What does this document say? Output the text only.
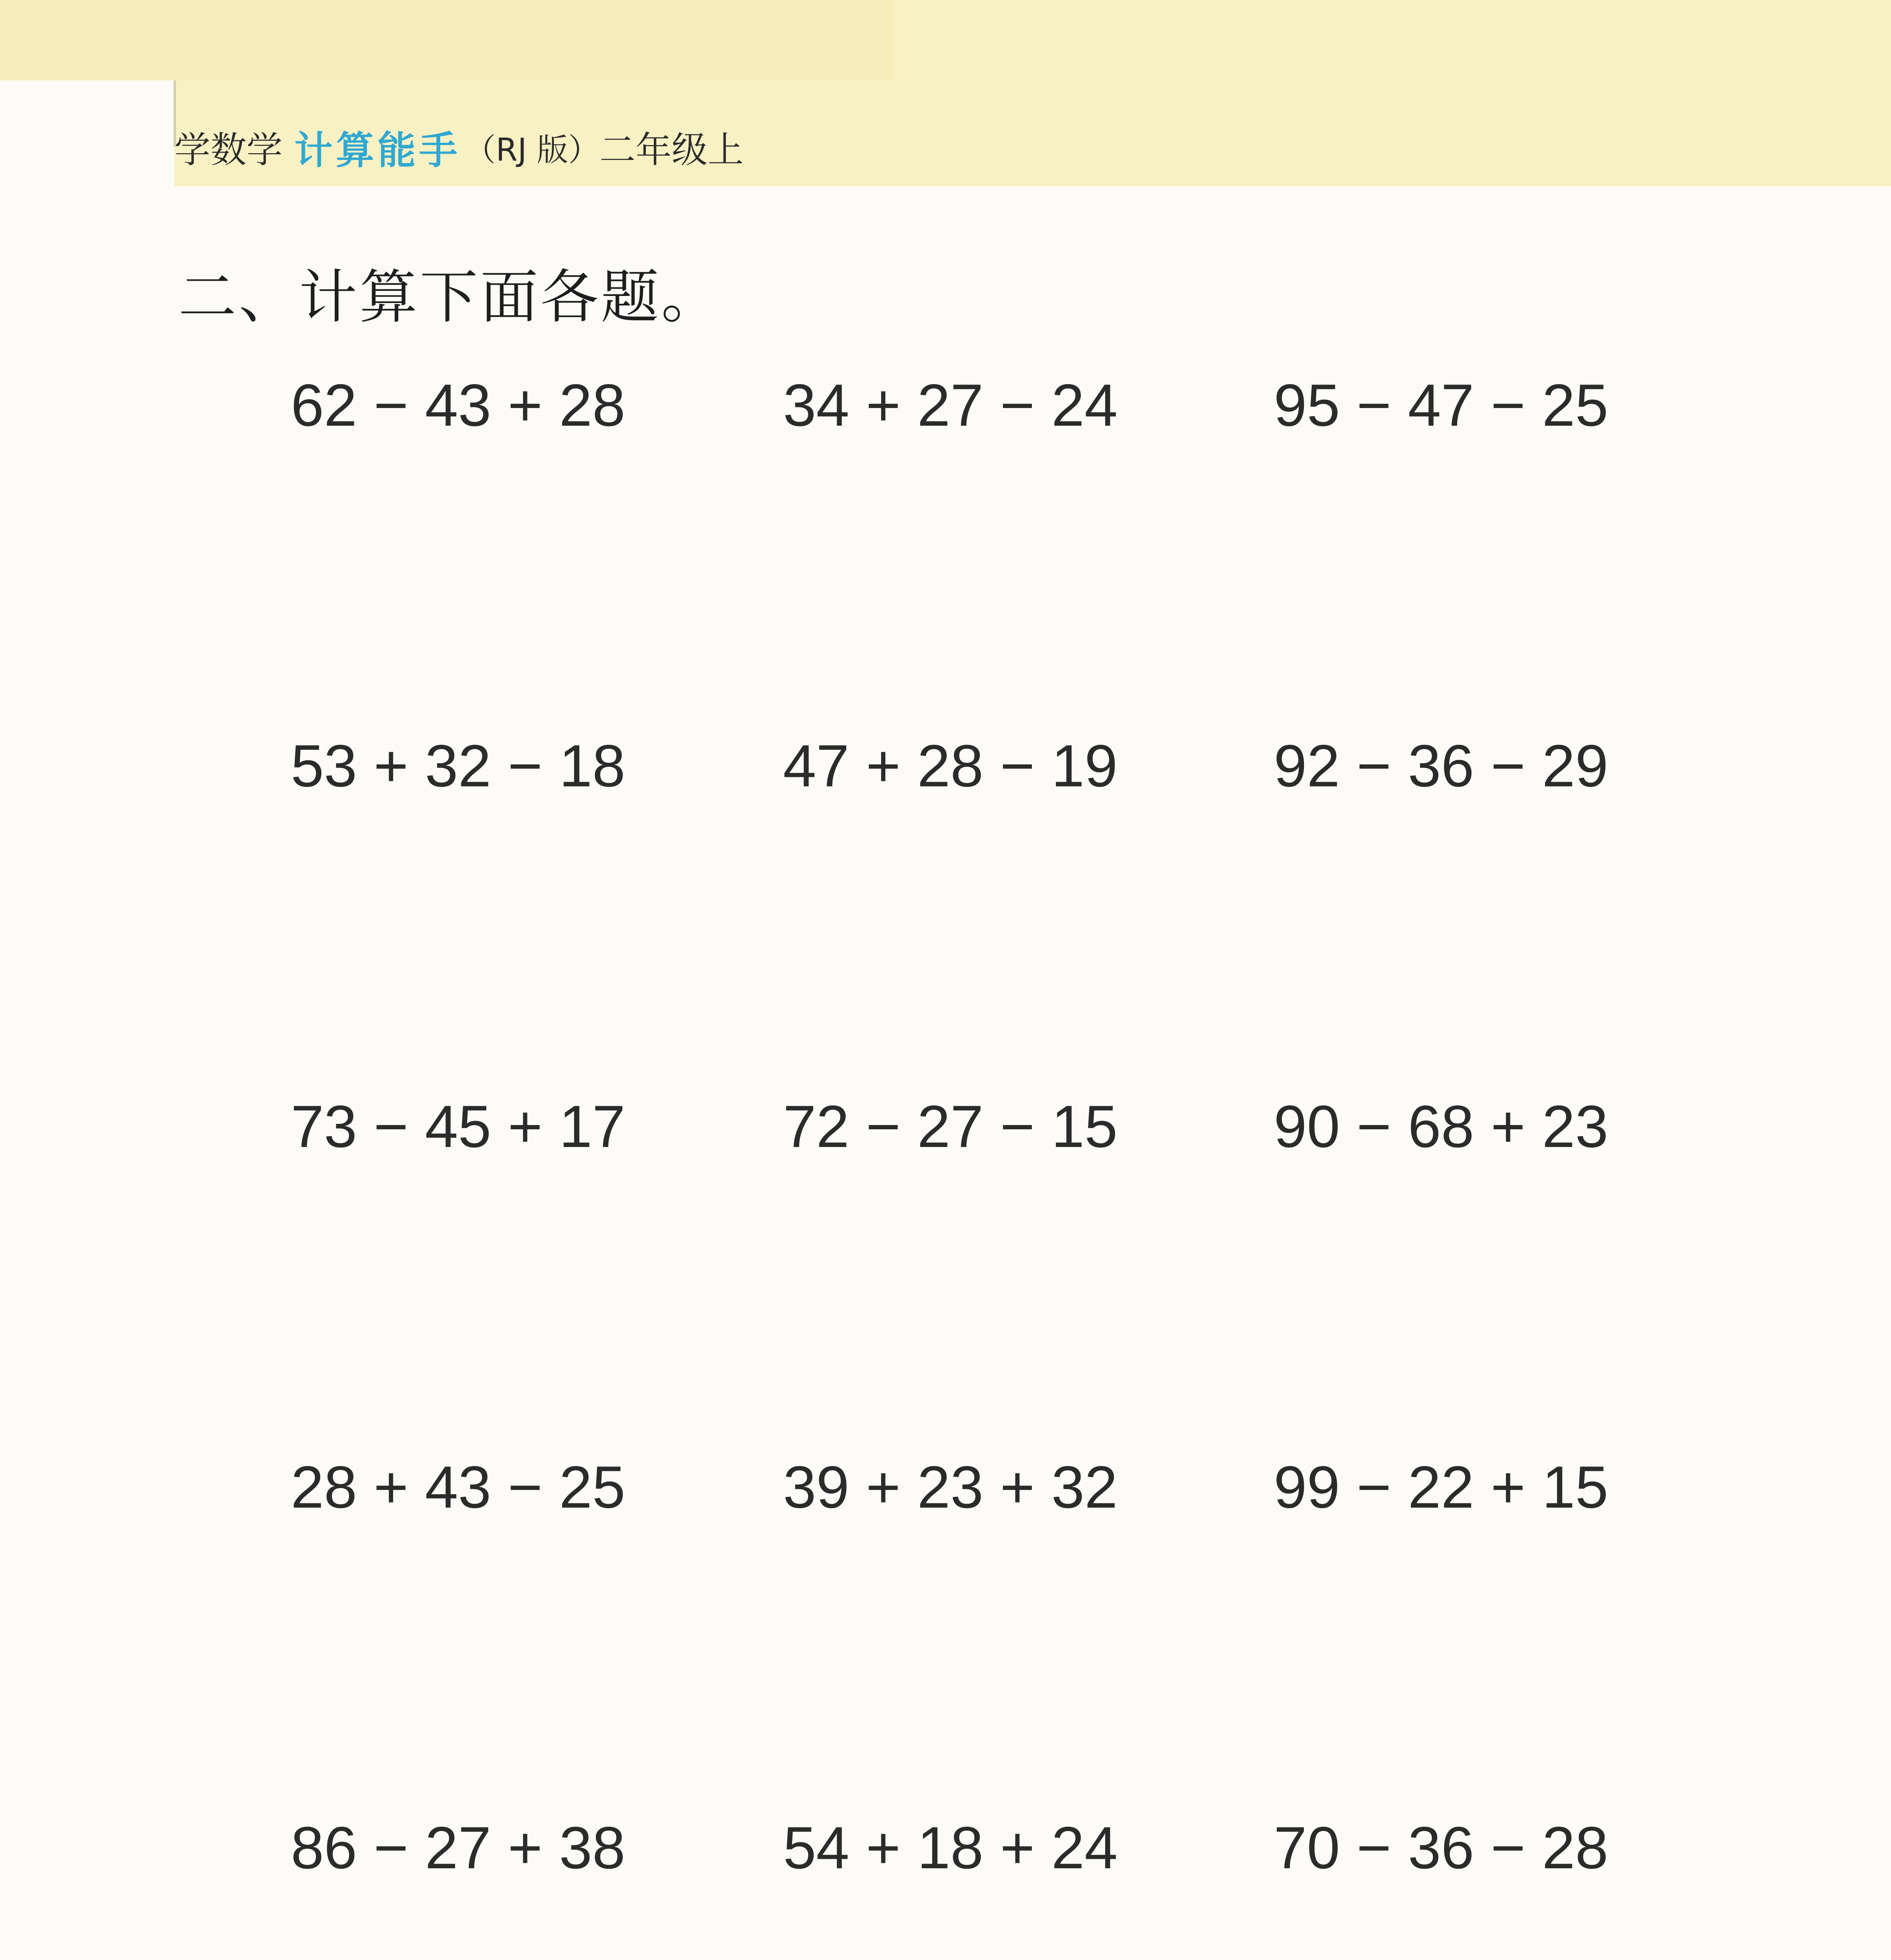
学数学 计算能手 （RJ 版） 二年级上
二、计算下面各题。
62 − 43 + 28	34 + 27 − 24	95 − 47 − 25
53 + 32 − 18	47 + 28 − 19	92 − 36 − 29
73 − 45 + 17	72 − 27 − 15	90 − 68 + 23
28 + 43 − 25	39 + 23 + 32	99 − 22 + 15
86 − 27 + 38	54 + 18 + 24	70 − 36 − 28
